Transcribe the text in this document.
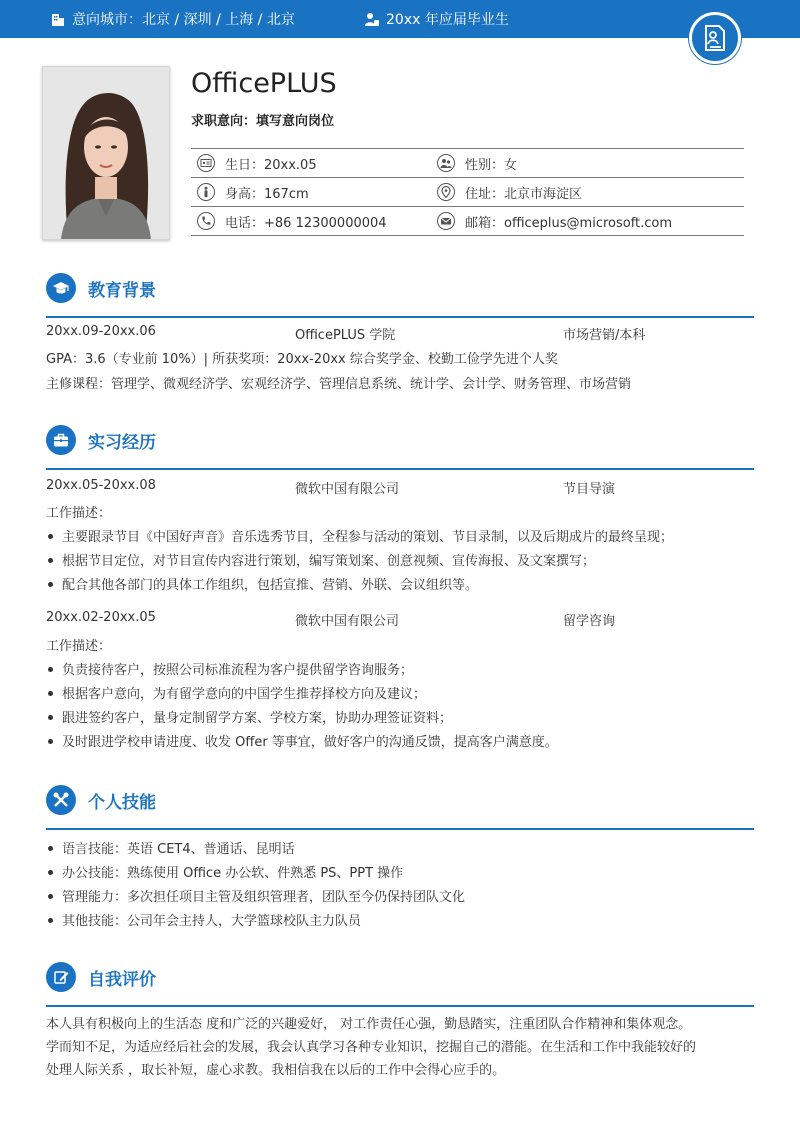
意向城市：北京 / 深圳 / 上海 / 北京	20xx 年应届毕业生
OfficePLUS
求职意向：填写意向岗位
生日：20xx.05	性别：女
身高：167cm	住址：北京市海淀区
电话：+86 12300000004	邮箱：officeplus@microsoft.com
教育背景
20xx.09-20xx.06	OfficePLUS 学院	市场营销/本科
GPA：3.6（专业前 10%）| 所获奖项：20xx-20xx 综合奖学金、校勤工俭学先进个人奖
主修课程：管理学、微观经济学、宏观经济学、管理信息系统、统计学、会计学、财务管理、市场营销
实习经历
20xx.05-20xx.08	微软中国有限公司	节目导演
工作描述：
主要跟录节目《中国好声音》音乐选秀节目，全程参与活动的策划、节目录制，以及后期成片的最终呈现；
根据节目定位，对节目宣传内容进行策划，编写策划案、创意视频、宣传海报、及文案撰写；
配合其他各部门的具体工作组织，包括宣推、营销、外联、会议组织等。
20xx.02-20xx.05	微软中国有限公司	留学咨询
工作描述：
负责接待客户，按照公司标准流程为客户提供留学咨询服务；
根据客户意向，为有留学意向的中国学生推荐择校方向及建议；
跟进签约客户，量身定制留学方案、学校方案，协助办理签证资料；
及时跟进学校申请进度、收发 Offer 等事宜，做好客户的沟通反馈，提高客户满意度。
个人技能
语言技能：英语 CET4、普通话、昆明话
办公技能：熟练使用 Office 办公软、件熟悉 PS、PPT 操作
管理能力：多次担任项目主管及组织管理者，团队至今仍保持团队文化
其他技能：公司年会主持人，大学篮球校队主力队员
自我评价
本人具有积极向上的生活态 度和广泛的兴趣爱好， 对工作责任心强，勤恳踏实，注重团队合作精神和集体观念。
学而知不足，为适应经后社会的发展，我会认真学习各种专业知识，挖掘自己的潜能。在生活和工作中我能较好的
处理人际关系 ，取长补短，虚心求教。我相信我在以后的工作中会得心应手的。
